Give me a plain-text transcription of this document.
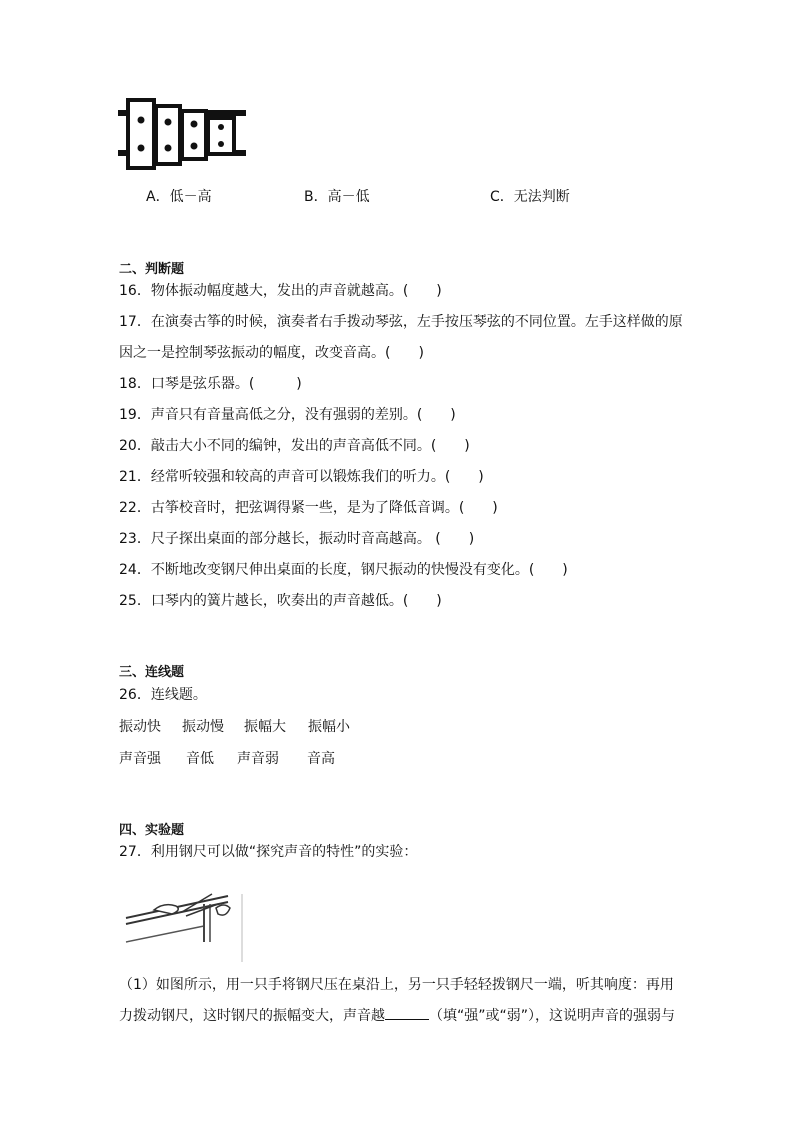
A．低－高	B．高－低	C．无法判断
二、判断题
16．物体振动幅度越大，发出的声音就越高。(　　)
17．在演奏古筝的时候，演奏者右手拨动琴弦，左手按压琴弦的不同位置。左手这样做的原
因之一是控制琴弦振动的幅度，改变音高。(　　)
18．口琴是弦乐器。(　　　)
19．声音只有音量高低之分，没有强弱的差别。(　　)
20．敲击大小不同的编钟，发出的声音高低不同。(　　)
21．经常听较强和较高的声音可以锻炼我们的听力。(　　)
22．古筝校音时，把弦调得紧一些，是为了降低音调。(　　)
23．尺子探出桌面的部分越长，振动时音高越高。 (　　)
24．不断地改变钢尺伸出桌面的长度，钢尺振动的快慢没有变化。(　　)
25．口琴内的簧片越长，吹奏出的声音越低。(　　)
三、连线题
26．连线题。
振动快 振动慢 振幅大 振幅小
声音强 音低 声音弱 音高
四、实验题
27．利用钢尺可以做“探究声音的特性”的实验：
（1）如图所示，用一只手将钢尺压在桌沿上，另一只手轻轻拨钢尺一端，听其响度：再用力拨动钢尺，这时钢尺的振幅变大，声音越	（填“强”或“弱”），这说明声音的强弱与
